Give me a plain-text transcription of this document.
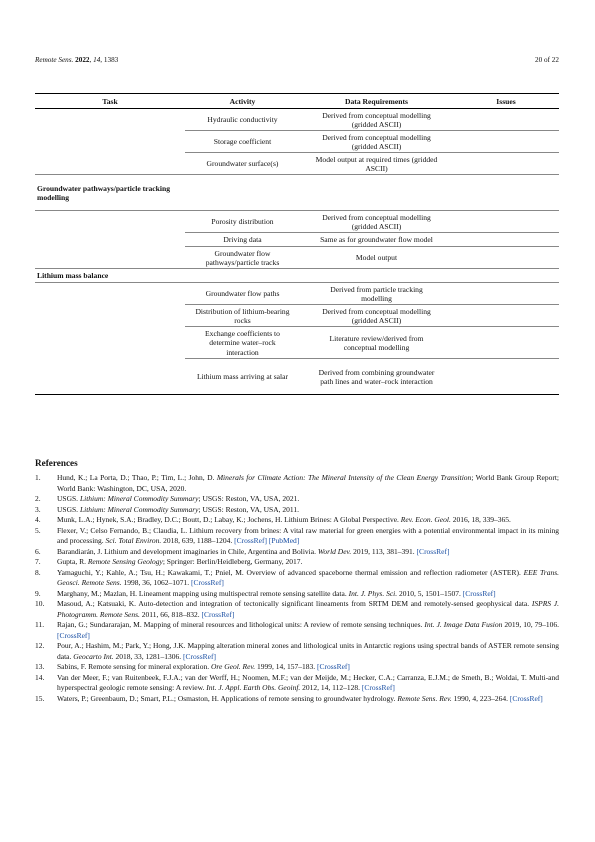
Remote Sens. 2022, 14, 1383	20 of 22
Task	Activity	Data Requirements	Issues
	Hydraulic conductivity	Derived from conceptual modelling (gridded ASCII)	
	Storage coefficient	Derived from conceptual modelling (gridded ASCII)	
	Groundwater surface(s)	Model output at required times (gridded ASCII)	
Groundwater pathways/particle tracking modelling			
	Porosity distribution	Derived from conceptual modelling (gridded ASCII)	
	Driving data	Same as for groundwater flow model	
	Groundwater flow pathways/particle tracks	Model output	
Lithium mass balance			
	Groundwater flow paths	Derived from particle tracking modelling	
	Distribution of lithium-bearing rocks	Derived from conceptual modelling (gridded ASCII)	
	Exchange coefficients to determine water–rock interaction	Literature review/derived from conceptual modelling	
	Lithium mass arriving at salar	Derived from combining groundwater path lines and water–rock interaction	
References
1. Hund, K.; La Porta, D.; Thao, P.; Tim, L.; John, D. Minerals for Climate Action: The Mineral Intensity of the Clean Energy Transition; World Bank Group Report; World Bank: Washington, DC, USA, 2020.
2. USGS. Lithium: Mineral Commodity Summary; USGS: Reston, VA, USA, 2021.
3. USGS. Lithium: Mineral Commodity Summary; USGS: Reston, VA, USA, 2011.
4. Munk, L.A.; Hynek, S.A.; Bradley, D.C.; Boutt, D.; Labay, K.; Jochens, H. Lithium Brines: A Global Perspective. Rev. Econ. Geol. 2016, 18, 339–365.
5. Flexer, V.; Celso Fernando, B.; Claudia, L. Lithium recovery from brines: A vital raw material for green energies with a potential environmental impact in its mining and processing. Sci. Total Environ. 2018, 639, 1188–1204. [CrossRef] [PubMed]
6. Barandiarán, J. Lithium and development imaginaries in Chile, Argentina and Bolivia. World Dev. 2019, 113, 381–391. [CrossRef]
7. Gupta, R. Remote Sensing Geology; Springer: Berlin/Heidleberg, Germany, 2017.
8. Yamaguchi, Y.; Kahle, A.; Tsu, H.; Kawakami, T.; Pniel, M. Overview of advanced spaceborne thermal emission and reflection radiometer (ASTER). EEE Trans. Geosci. Remote Sens. 1998, 36, 1062–1071. [CrossRef]
9. Marghany, M.; Mazlan, H. Lineament mapping using multispectral remote sensing satellite data. Int. J. Phys. Sci. 2010, 5, 1501–1507. [CrossRef]
10. Masoud, A.; Katsuaki, K. Auto-detection and integration of tectonically significant lineaments from SRTM DEM and remotely-sensed geophysical data. ISPRS J. Photogramm. Remote Sens. 2011, 66, 818–832. [CrossRef]
11. Rajan, G.; Sundararajan, M. Mapping of mineral resources and lithological units: A review of remote sensing techniques. Int. J. Image Data Fusion 2019, 10, 79–106. [CrossRef]
12. Pour, A.; Hashim, M.; Park, Y.; Hong, J.K. Mapping alteration mineral zones and lithological units in Antarctic regions using spectral bands of ASTER remote sensing data. Geocarto Int. 2018, 33, 1281–1306. [CrossRef]
13. Sabins, F. Remote sensing for mineral exploration. Ore Geol. Rev. 1999, 14, 157–183. [CrossRef]
14. Van der Meer, F.; van Ruitenbeek, F.J.A.; van der Werff, H.; Noomen, M.F.; van der Meijde, M.; Hecker, C.A.; Carranza, E.J.M.; de Smeth, B.; Woldai, T. Multi-and hyperspectral geologic remote sensing: A review. Int. J. Appl. Earth Obs. Geoinf. 2012, 14, 112–128. [CrossRef]
15. Waters, P.; Greenbaum, D.; Smart, P.L.; Osmaston, H. Applications of remote sensing to groundwater hydrology. Remote Sens. Rev. 1990, 4, 223–264. [CrossRef]
